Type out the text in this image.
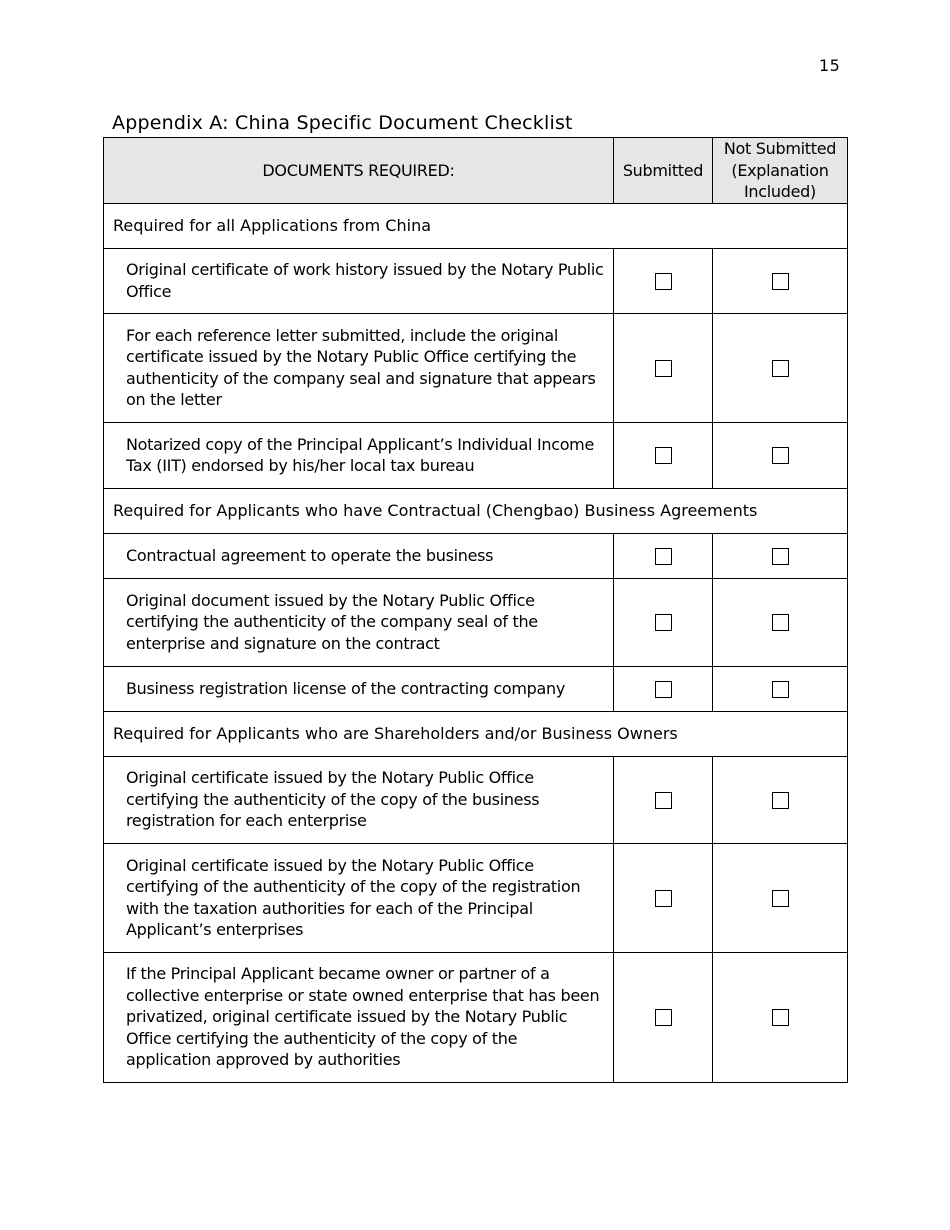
15
Appendix A: China Specific Document Checklist
DOCUMENTS REQUIRED:	Submitted	Not Submitted
(Explanation
Included)

Required for all Applications from China		
Original certificate of work history issued by the Notary Public Office		
For each reference letter submitted, include the original certificate issued by the Notary Public Office certifying the authenticity of the company seal and signature that appears on the letter		
Notarized copy of the Principal Applicant’s Individual Income Tax (IIT) endorsed by his/her local tax bureau		
Required for Applicants who have Contractual (Chengbao) Business Agreements		
Contractual agreement to operate the business		
Original document issued by the Notary Public Office certifying the authenticity of the company seal of the enterprise and signature on the contract		
Business registration license of the contracting company		
Required for Applicants who are Shareholders and/or Business Owners		
Original certificate issued by the Notary Public Office certifying the authenticity of the copy of the business registration for each enterprise		
Original certificate issued by the Notary Public Office certifying of the authenticity of the copy of the registration with the taxation authorities for each of the Principal Applicant’s enterprises		
If the Principal Applicant became owner or partner of a collective enterprise or state owned enterprise that has been privatized, original certificate issued by the Notary Public Office certifying the authenticity of the copy of the application approved by authorities		
